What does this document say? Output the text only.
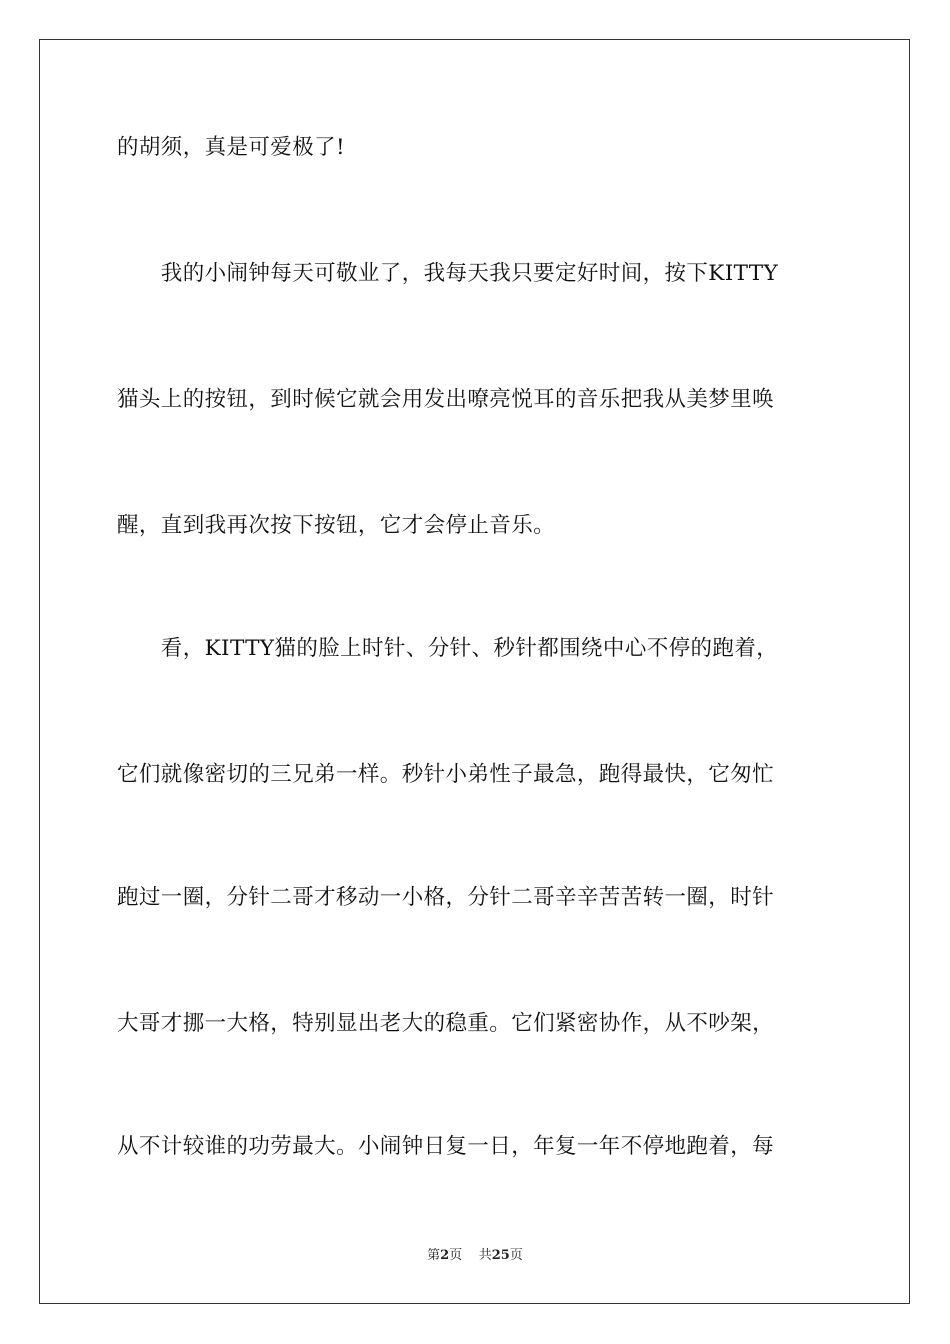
的胡须，真是可爱极了!
　　我的小闹钟每天可敬业了，我每天我只要定好时间，按下KITTY
猫头上的按钮，到时候它就会用发出嘹亮悦耳的音乐把我从美梦里唤
醒，直到我再次按下按钮，它才会停止音乐。
　　看，KITTY猫的脸上时针、分针、秒针都围绕中心不停的跑着，
它们就像密切的三兄弟一样。秒针小弟性子最急，跑得最快，它匆忙
跑过一圈，分针二哥才移动一小格，分针二哥辛辛苦苦转一圈，时针
大哥才挪一大格，特别显出老大的稳重。它们紧密协作，从不吵架，
从不计较谁的功劳最大。小闹钟日复一日，年复一年不停地跑着，每
第2页 共25页
